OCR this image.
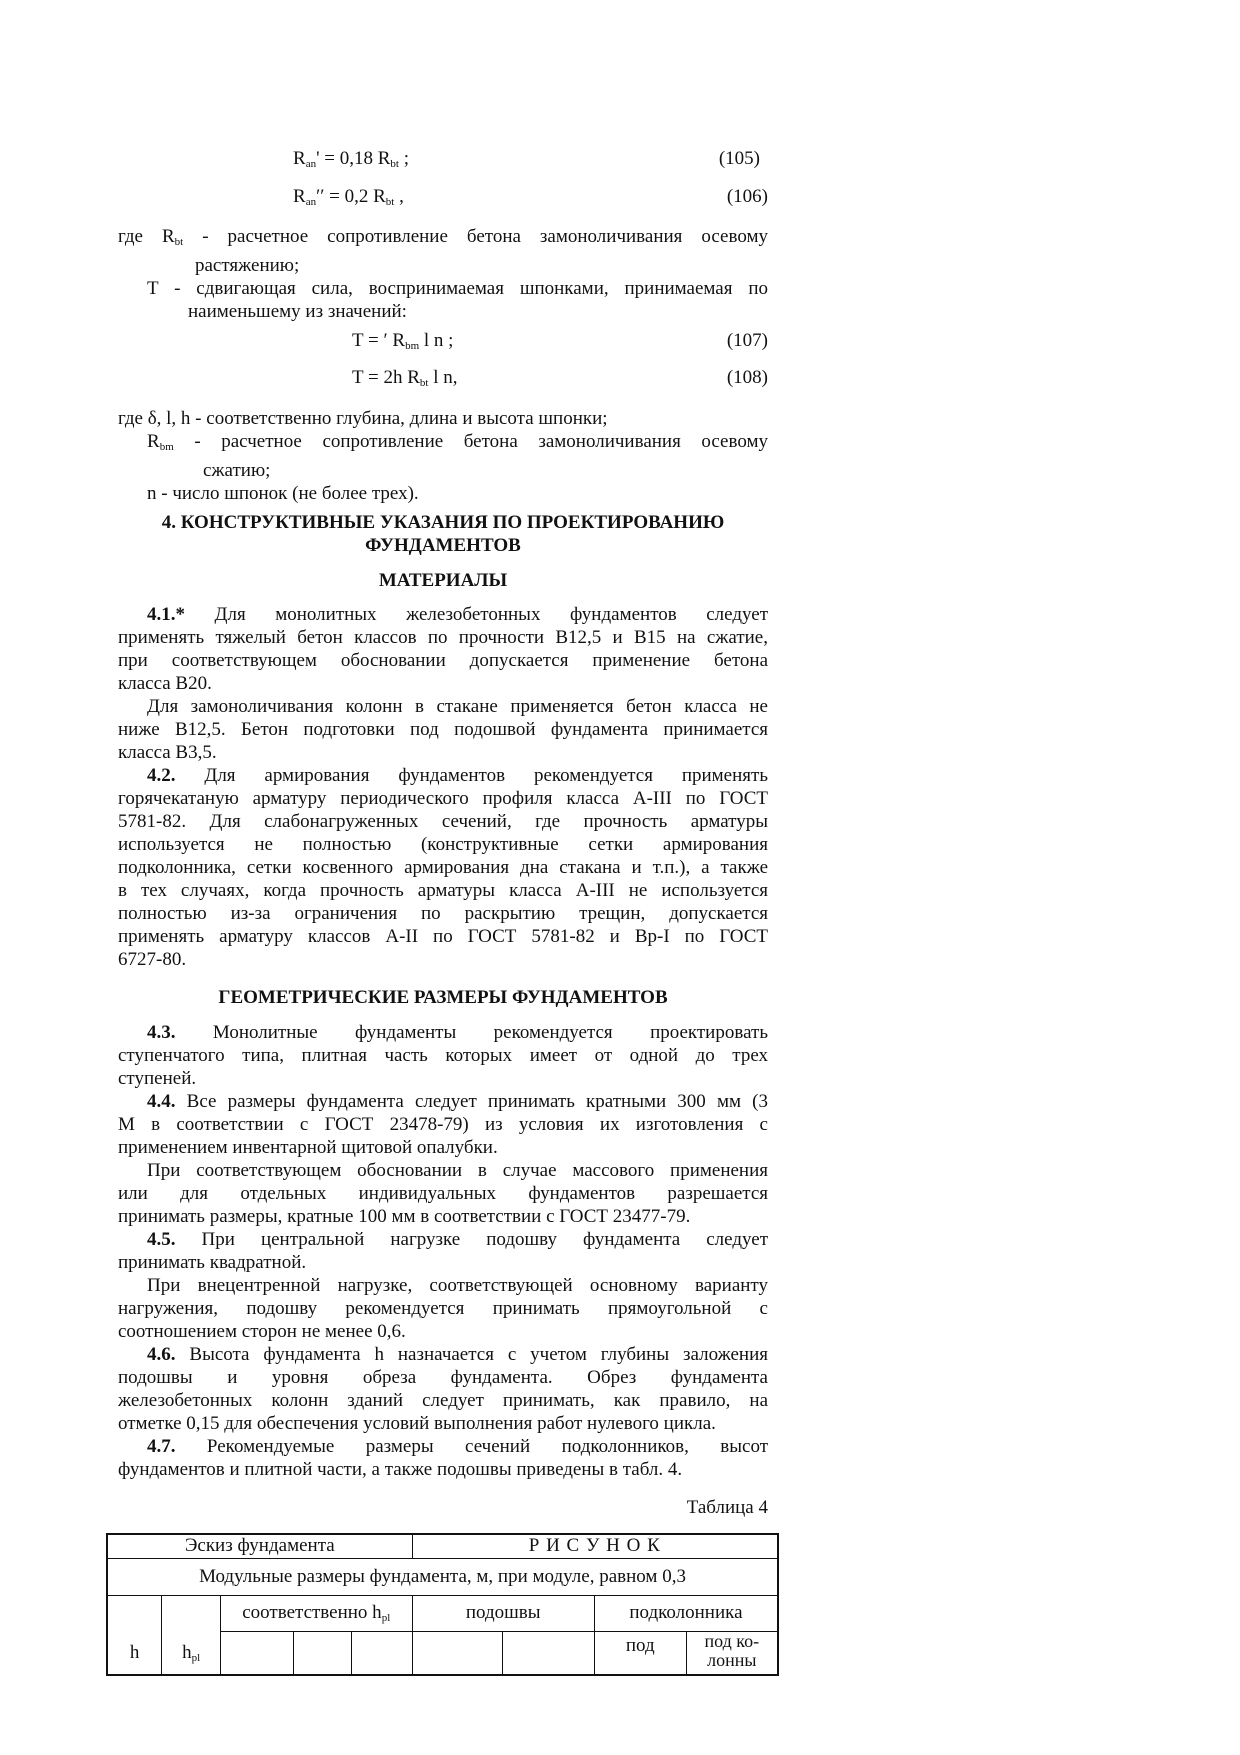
$R_{an}' = 0,18$ $R_{bt}$ ;	(105)
$R_{an}'' = 0,2$ $R_{bt}$ ,	(106)
где $R_{bt}$ - расчетное сопротивление бетона замоноличивания осевому
растяжению;
T - сдвигающая сила, воспринимаемая шпонками, принимаемая по
наименьшему из значений:
T = ′ $R_{bm}$ l n ;	(107)
T = 2h $R_{bt}$ l n,	(108)
где δ, l, h - соответственно глубина, длина и высота шпонки;
$R_{bm}$ - расчетное сопротивление бетона замоноличивания осевому
сжатию;
n - число шпонок (не более трех).
4. КОНСТРУКТИВНЫЕ УКАЗАНИЯ ПО ПРОЕКТИРОВАНИЮ
ФУНДАМЕНТОВ
МАТЕРИАЛЫ
4.1.* Для монолитных железобетонных фундаментов следует
применять тяжелый бетон классов по прочности В12,5 и В15 на сжатие,
при соответствующем обосновании допускается применение бетона
класса В20.
Для замоноличивания колонн в стакане применяется бетон класса не
ниже В12,5. Бетон подготовки под подошвой фундамента принимается
класса В3,5.
4.2. Для армирования фундаментов рекомендуется применять
горячекатаную арматуру периодического профиля класса А-III по ГОСТ
5781-82. Для слабонагруженных сечений, где прочность арматуры
используется не полностью (конструктивные сетки армирования
подколонника, сетки косвенного армирования дна стакана и т.п.), а также
в тех случаях, когда прочность арматуры класса А-III не используется
полностью из-за ограничения по раскрытию трещин, допускается
применять арматуру классов А-II по ГОСТ 5781-82 и Вр-I по ГОСТ
6727-80.
ГЕОМЕТРИЧЕСКИЕ РАЗМЕРЫ ФУНДАМЕНТОВ
4.3. Монолитные фундаменты рекомендуется проектировать
ступенчатого типа, плитная часть которых имеет от одной до трех
ступеней.
4.4. Все размеры фундамента следует принимать кратными 300 мм (3
М в соответствии с ГОСТ 23478-79) из условия их изготовления с
применением инвентарной щитовой опалубки.
При соответствующем обосновании в случае массового применения
или для отдельных индивидуальных фундаментов разрешается
принимать размеры, кратные 100 мм в соответствии с ГОСТ 23477-79.
4.5. При центральной нагрузке подошву фундамента следует
принимать квадратной.
При внецентренной нагрузке, соответствующей основному варианту
нагружения, подошву рекомендуется принимать прямоугольной с
соотношением сторон не менее 0,6.
4.6. Высота фундамента h назначается с учетом глубины заложения
подошвы и уровня обреза фундамента. Обрез фундамента
железобетонных колонн зданий следует принимать, как правило, на
отметке 0,15 для обеспечения условий выполнения работ нулевого цикла.
4.7. Рекомендуемые размеры сечений подколонников, высот
фундаментов и плитной части, а также подошвы приведены в табл. 4.
Таблица 4
Эскиз фундамента					Р И С У Н О К			
Модульные размеры фундамента, м, при модуле, равном 0,3								
h	$h_{pl}$	соответственно $h_{pl}$			подошвы		подколонника	
							под	под ко-
лонны
